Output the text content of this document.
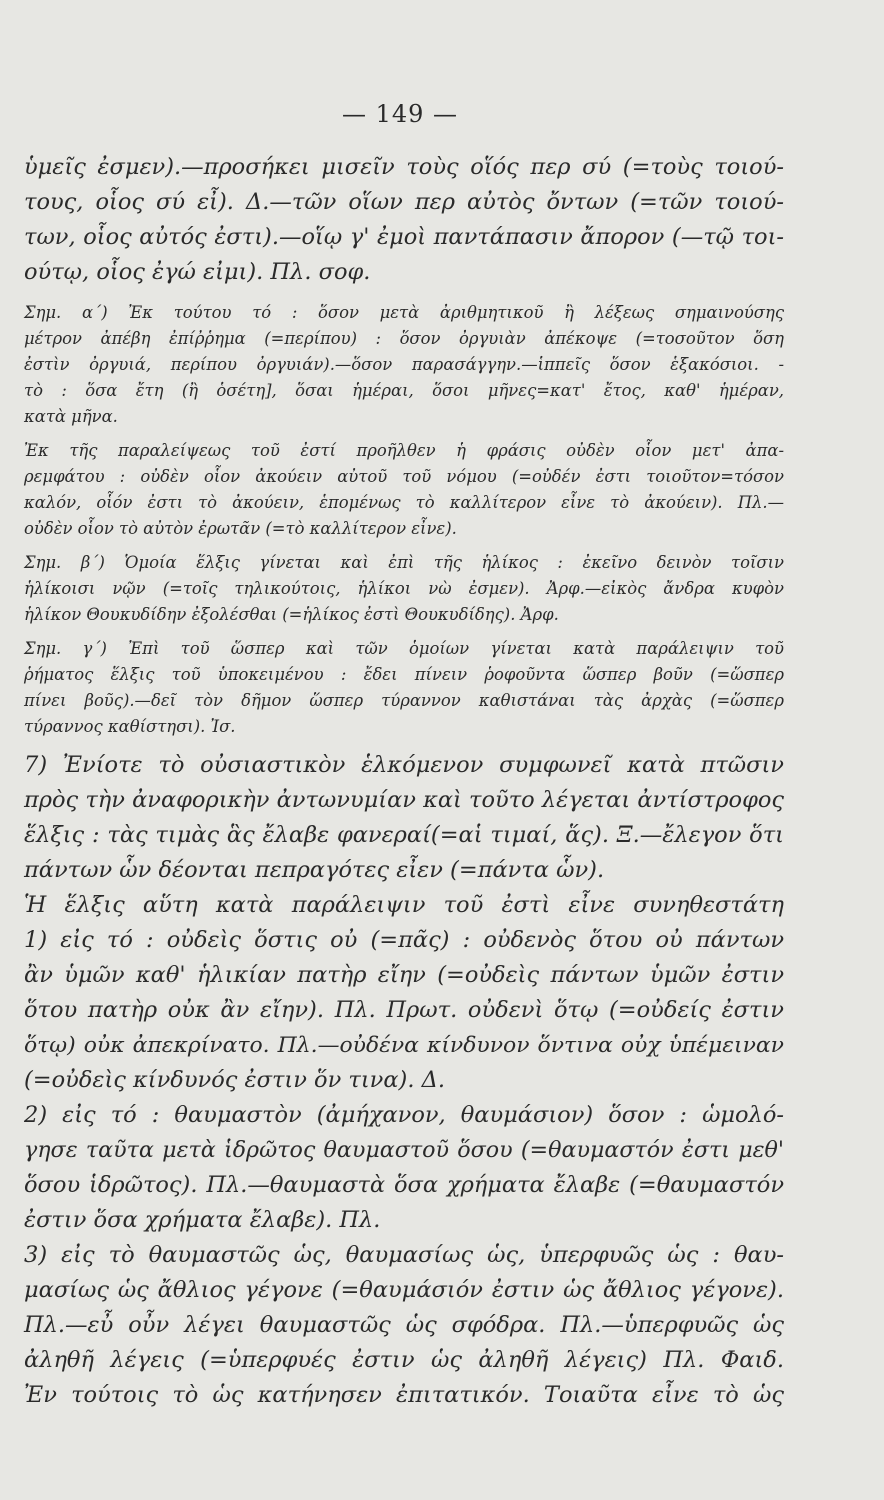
— 149 —
ὑμεῖς ἐσμεν).—προσήκει μισεῖν τοὺς οἵός περ σύ (=τοὺς τοιού-
τους, οἷος σύ εἶ). Δ.—τῶν οἵων περ αὐτὸς ὄντων (=τῶν τοιού-
των, οἷος αὐτός ἐστι).—οἵῳ γ' ἐμοὶ παντάπασιν ἄπορον (—τῷ τοι-
ούτῳ, οἷος ἐγώ εἰμι). Πλ. σοφ.
Σημ. α΄) Ἐκ τούτου τό : ὅσον μετὰ ἀριθμητικοῦ ἢ λέξεως σημαινούσης
μέτρον ἀπέβη ἐπίῤῥημα (=περίπου) : ὅσον ὀργυιὰν ἀπέκοψε (=τοσοῦτον ὅση
ἐστὶν ὀργυιά, περίπου ὀργυιάν).—ὅσον παρασάγγην.—ἱππεῖς ὅσον ἑξακόσιοι. -
τὸ : ὅσα ἔτη (ἢ ὁσέτη], ὅσαι ἡμέραι, ὅσοι μῆνες=κατ' ἔτος, καθ' ἡμέραν,
κατὰ μῆνα.
Ἐκ τῆς παραλείψεως τοῦ ἐστί προῆλθεν ἡ φράσις οὐδὲν οἷον μετ' ἀπα-
ρεμφάτου : οὐδὲν οἷον ἀκούειν αὐτοῦ τοῦ νόμου (=οὐδέν ἐστι τοιοῦτον=τόσον
καλόν, οἷόν ἐστι τὸ ἀκούειν, ἑπομένως τὸ καλλίτερον εἶνε τὸ ἀκούειν). Πλ.—
οὐδὲν οἷον τὸ αὐτὸν ἐρωτᾶν (=τὸ καλλίτερον εἶνε).
Σημ. β΄) Ὁμοία ἕλξις γίνεται καὶ ἐπὶ τῆς ἡλίκος : ἐκεῖνο δεινὸν τοῖσιν
ἡλίκοισι νῷν (=τοῖς τηλικούτοις, ἡλίκοι νὼ ἐσμεν). Ἀρφ.—εἰκὸς ἄνδρα κυφὸν
ἡλίκον Θουκυδίδην ἐξολέσθαι (=ἡλίκος ἐστὶ Θουκυδίδης). Ἀρφ.
Σημ. γ΄) Ἐπὶ τοῦ ὥσπερ καὶ τῶν ὁμοίων γίνεται κατὰ παράλειψιν τοῦ
ῥήματος ἕλξις τοῦ ὑποκειμένου : ἔδει πίνειν ῥοφοῦντα ὥσπερ βοῦν (=ὥσπερ
πίνει βοῦς).—δεῖ τὸν δῆμον ὥσπερ τύραννον καθιστάναι τὰς ἀρχὰς (=ὥσπερ
τύραννος καθίστησι). Ἰσ.
7) Ἐνίοτε τὸ οὐσιαστικὸν ἑλκόμενον συμφωνεῖ κατὰ πτῶσιν
πρὸς τὴν ἀναφορικὴν ἀντωνυμίαν καὶ τοῦτο λέγεται ἀντίστροφος
ἕλξις : τὰς τιμὰς ἃς ἔλαβε φανεραί(=αἱ τιμαί, ἅς). Ξ.—ἔλεγον ὅτι
πάντων ὧν δέονται πεπραγότες εἶεν (=πάντα ὧν).
Ἡ ἕλξις αὕτη κατὰ παράλειψιν τοῦ ἐστὶ εἶνε συνηθεστάτη
1) εἰς τό : οὐδεὶς ὅστις οὐ (=πᾶς) : οὐδενὸς ὅτου οὐ πάντων
ἂν ὑμῶν καθ' ἡλικίαν πατὴρ εἴην (=οὐδεὶς πάντων ὑμῶν ἐστιν
ὅτου πατὴρ οὐκ ἂν εἴην). Πλ. Πρωτ. οὐδενὶ ὅτῳ (=οὐδείς ἐστιν
ὅτῳ) οὐκ ἀπεκρίνατο. Πλ.—οὐδένα κίνδυνον ὅντινα οὐχ ὑπέμειναν
(=οὐδεὶς κίνδυνός ἐστιν ὅν τινα). Δ.
2) εἰς τό : θαυμαστὸν (ἀμήχανον, θαυμάσιον) ὅσον : ὡμολό-
γησε ταῦτα μετὰ ἱδρῶτος θαυμαστοῦ ὅσου (=θαυμαστόν ἐστι μεθ'
ὅσου ἱδρῶτος). Πλ.—θαυμαστὰ ὅσα χρήματα ἔλαβε (=θαυμαστόν
ἐστιν ὅσα χρήματα ἔλαβε). Πλ.
3) εἰς τὸ θαυμαστῶς ὡς, θαυμασίως ὡς, ὑπερφυῶς ὡς : θαυ-
μασίως ὡς ἄθλιος γέγονε (=θαυμάσιόν ἐστιν ὡς ἄθλιος γέγονε).
Πλ.—εὖ οὖν λέγει θαυμαστῶς ὡς σφόδρα. Πλ.—ὑπερφυῶς ὡς
ἀληθῆ λέγεις (=ὑπερφυές ἐστιν ὡς ἀληθῆ λέγεις) Πλ. Φαιδ.
Ἐν τούτοις τὸ ὡς κατήνησεν ἐπιτατικόν. Τοιαῦτα εἶνε τὸ ὡς
